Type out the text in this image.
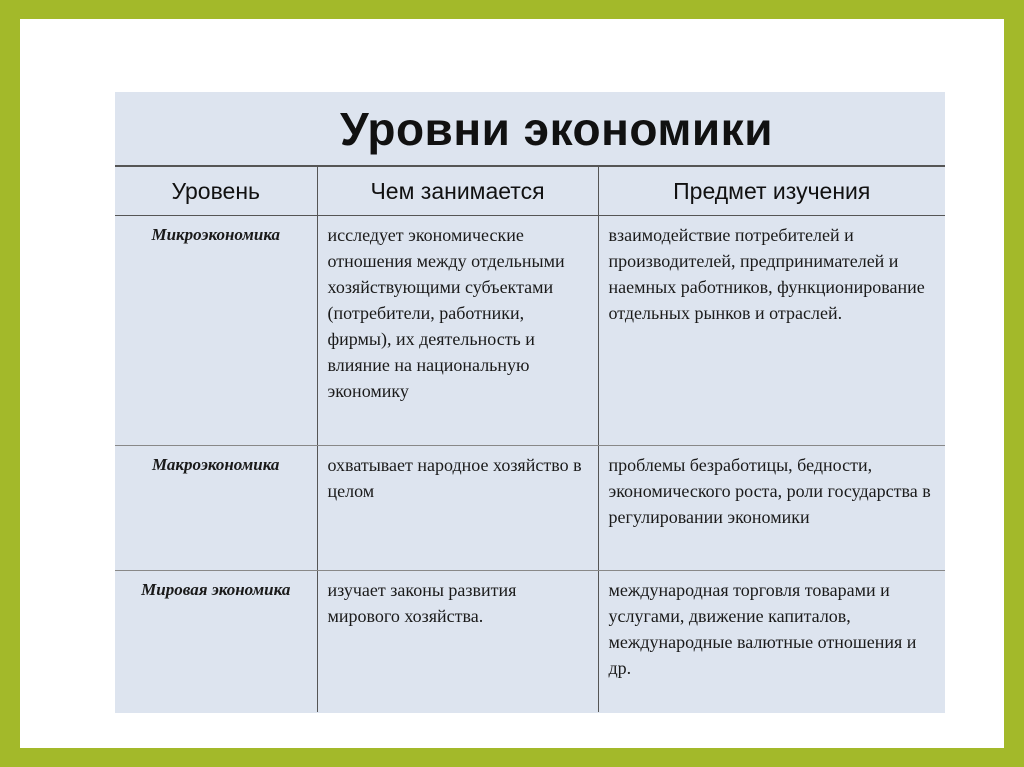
Уровни экономики
Уровень	Чем занимается	Предмет изучения
Микроэкономика	исследует экономические отношения между отдельными хозяйствующими субъектами (потребители, работники, фирмы), их деятельность и влияние на национальную экономику	взаимодействие потребителей и производителей, предпринимателей и наемных работников, функционирование отдельных рынков и отраслей.
Макроэкономика	охватывает народное хозяйство в целом	проблемы безработицы, бедности, экономического роста, роли государства в регулировании экономики
Мировая экономика	изучает законы развития мирового хозяйства.	международная торговля товарами и услугами, движение капиталов, международные валютные отношения и др.
